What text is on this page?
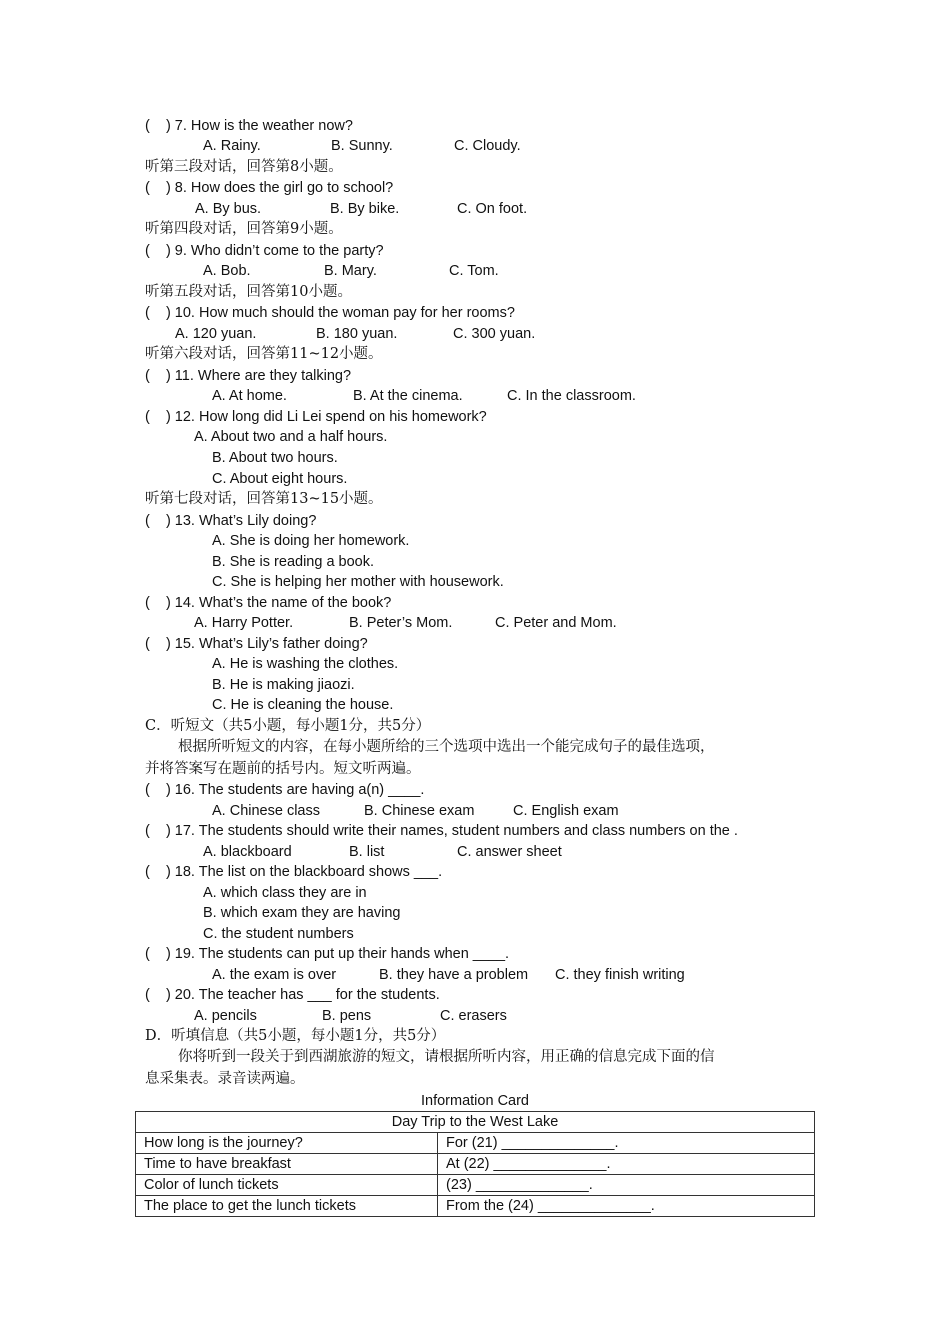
(    ) 7. How is the weather now?
A. Rainy.	B. Sunny.	C. Cloudy.
听第三段对话，回答第8小题。
(    ) 8. How does the girl go to school?
A. By bus.	B. By bike.	C. On foot.
听第四段对话，回答第9小题。
(    ) 9. Who didn’t come to the party?
A. Bob.	B. Mary.	C. Tom.
听第五段对话，回答第10小题。
(    ) 10. How much should the woman pay for her rooms?
A. 120 yuan.	B. 180 yuan.	C. 300 yuan.
听第六段对话，回答第11~12小题。
(    ) 11. Where are they talking?
A. At home.	B. At the cinema.	C. In the classroom.
(    ) 12. How long did Li Lei spend on his homework?
A. About two and a half hours.
B. About two hours.
C. About eight hours.
听第七段对话，回答第13~15小题。
(    ) 13. What’s Lily doing?
A. She is doing her homework.
B. She is reading a book.
C. She is helping her mother with housework.
(    ) 14. What’s the name of the book?
A. Harry Potter.	B. Peter’s Mom.	C. Peter and Mom.
(    ) 15. What’s Lily’s father doing?
A. He is washing the clothes.
B. He is making jiaozi.
C. He is cleaning the house.
C．听短文（共5小题，每小题1分，共5分）
根据所听短文的内容，在每小题所给的三个选项中选出一个能完成句子的最佳选项，
并将答案写在题前的括号内。短文听两遍。
(    ) 16. The students are having a(n) ____.
A. Chinese class	B. Chinese exam	C. English exam
(    ) 17. The students should write their names, student numbers and class numbers on the .
A. blackboard	B. list	C. answer sheet
(    ) 18. The list on the blackboard shows ___.
A. which class they are in
B. which exam they are having
C. the student numbers
(    ) 19. The students can put up their hands when ____.
A. the exam is over	B. they have a problem C. they finish writing
(    ) 20. The teacher has ___ for the students.
A. pencils	B. pens	C. erasers
D．听填信息（共5小题，每小题1分，共5分）
你将听到一段关于到西湖旅游的短文，请根据所听内容，用正确的信息完成下面的信
息采集表。录音读两遍。
Information Card
Day Trip to the West Lake	
How long is the journey?	For (21) ______________.
Time to have breakfast	At (22) ______________.
Color of lunch tickets	(23) ______________.
The place to get the lunch tickets	From the (24) ______________.
